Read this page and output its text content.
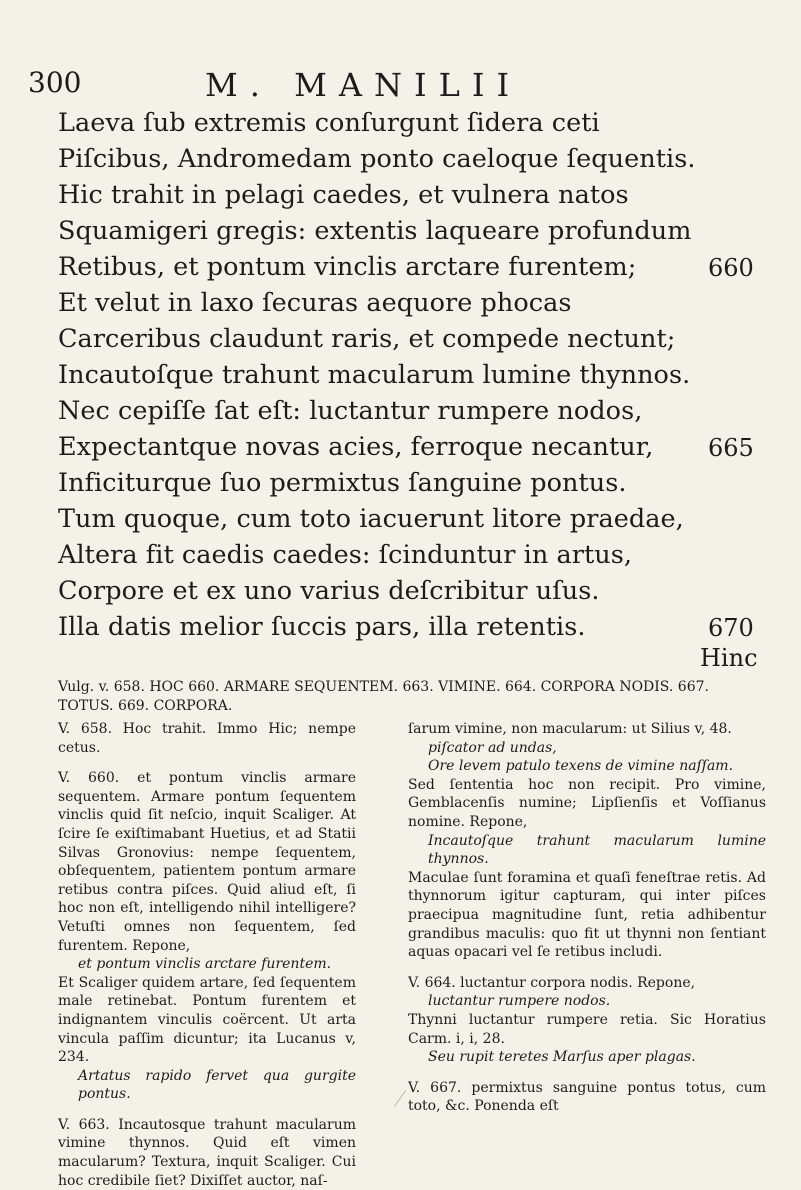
300	M. MANILII
Laeva ſub extremis conſurgunt ſidera ceti
Piſcibus, Andromedam ponto caeloque ſequentis.
Hic trahit in pelagi caedes, et vulnera natos
Squamigeri gregis: extentis laqueare profundum
Retibus, et pontum vinclis arctare furentem;	660
Et velut in laxo ſecuras aequore phocas
Carceribus claudunt raris, et compede nectunt;
Incautoſque trahunt macularum lumine thynnos.
Nec cepiſſe ſat eſt: luctantur rumpere nodos,
Expectantque novas acies, ferroque necantur, 665
Inficiturque ſuo permixtus ſanguine pontus.
Tum quoque, cum toto iacuerunt litore praedae,
Altera fit caedis caedes: ſcinduntur in artus,
Corpore et ex uno varius deſcribitur uſus.
Illa datis melior ſuccis pars, illa retentis.	670
Hinc
Vulg. v. 658. HOC 660. ARMARE SEQUENTEM. 663. VIMINE. 664. CORPORA NODIS. 667. TOTUS. 669. CORPORA.

V. 658. Hoc trahit. Immo Hic; nempe cetus.

V. 660. et pontum vinclis armare sequentem. Armare pontum ſequentem vinclis quid ſit neſcio, inquit Scaliger. At ſcire ſe exiſtimabant Huetius, et ad Statii Silvas Gronovius: nempe ſequentem, obſequentem, patientem pontum armare retibus contra piſces. Quid aliud eſt, ſi hoc non eſt, intelligendo nihil intelligere? Vetuſti omnes non ſequentem, ſed furentem. Repone,

et pontum vinclis arctare furentem.

Et Scaliger quidem artare, ſed ſequentem male retinebat. Pontum furentem et indignantem vinculis coërcent. Ut arta vincula paſſim dicuntur; ita Lucanus v, 234.

Artatus rapido fervet qua gurgite pontus.

V. 663. Incautosque trahunt macularum vimine thynnos. Quid eſt vimen macularum? Textura, inquit Scaliger. Cui hoc credibile ſiet? Dixiſſet auctor, naſ-

ſarum vimine, non macularum: ut Silius v, 48.

piſcator ad undas,

Ore levem patulo texens de vimine naſſam.

Sed ſententia hoc non recipit. Pro vimine, Gemblacenſis numine; Lipſienſis et Voſſianus nomine. Repone,

Incautoſque trahunt macularum lumine thynnos.

Maculae ſunt foramina et quaſi feneſtrae retis. Ad thynnorum igitur capturam, qui inter piſces praecipua magnitudine ſunt, retia adhibentur grandibus maculis: quo fit ut thynni non ſentiant aquas opacari vel ſe retibus includi.

V. 664. luctantur corpora nodis. Repone,

luctantur rumpere nodos.

Thynni luctantur rumpere retia. Sic Horatius Carm. i, i, 28.

Seu rupit teretes Marſus aper plagas.

V. 667. permixtus sanguine pontus totus, cum toto, &c. Ponenda eſt
